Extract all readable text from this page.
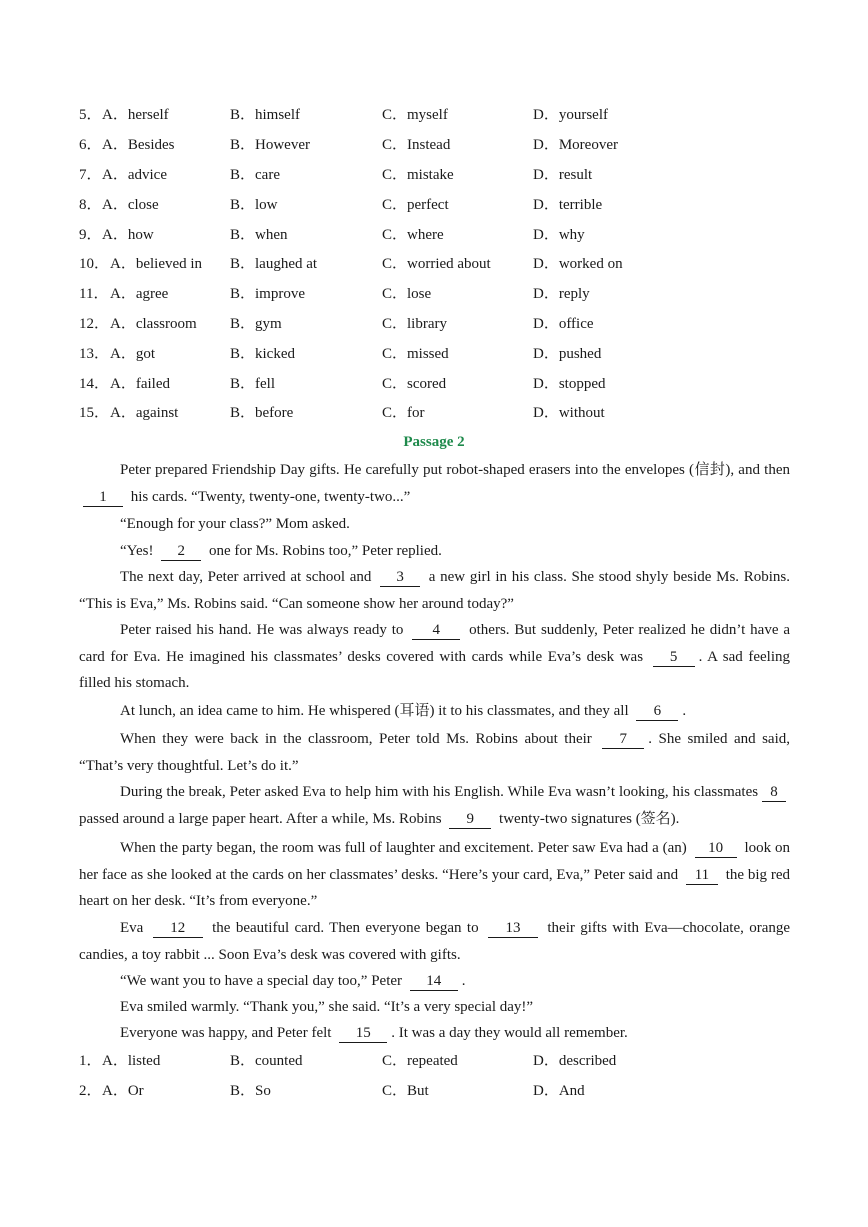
5． A．herself	B．himself	C．myself	D．yourself
6． A．Besides	B．However	C．Instead	D．Moreover
7． A．advice	B．care	C．mistake	D．result
8． A．close	B．low	C．perfect	D．terrible
9． A．how	B．when	C．where	D．why
10． A．believed in B．laughed at	C．worried about	D．worked on
11． A．agree	B．improve	C．lose	D．reply
12． A．classroom B．gym	C．library	D．office
13． A．got	B．kicked	C．missed	D．pushed
14． A．failed	B．fell	C．scored	D．stopped
15． A．against	B．before	C．for	D．without
Passage 2
Peter prepared Friendship Day gifts. He carefully put robot-shaped erasers into the envelopes (信封), and then 1 his cards. “Twenty, twenty-one, twenty-two...”
“Enough for your class?” Mom asked.
“Yes! 2 one for Ms. Robins too,” Peter replied.
The next day, Peter arrived at school and 3 a new girl in his class. She stood shyly beside Ms. Robins. “This is Eva,” Ms. Robins said. “Can someone show her around today?”
Peter raised his hand. He was always ready to 4 others. But suddenly, Peter realized he didn’t have a card for Eva. He imagined his classmates’ desks covered with cards while Eva’s desk was 5 . A sad feeling filled his stomach.
At lunch, an idea came to him. He whispered (耳语) it to his classmates, and they all 6 .
When they were back in the classroom, Peter told Ms. Robins about their 7 . She smiled and said, “That’s very thoughtful. Let’s do it.”
During the break, Peter asked Eva to help him with his English. While Eva wasn’t looking, his classmates 8 passed around a large paper heart. After a while, Ms. Robins 9 twenty-two signatures (签名).
When the party began, the room was full of laughter and excitement. Peter saw Eva had a (an) 10 look on her face as she looked at the cards on her classmates’ desks. “Here’s your card, Eva,” Peter said and 11 the big red heart on her desk. “It’s from everyone.”
Eva 12 the beautiful card. Then everyone began to 13 their gifts with Eva—chocolate, orange candies, a toy rabbit ... Soon Eva’s desk was covered with gifts.
“We want you to have a special day too,” Peter 14 .
Eva smiled warmly. “Thank you,” she said. “It’s a very special day!”
Everyone was happy, and Peter felt 15 . It was a day they would all remember.
1． A．listed	B．counted	C．repeated	D．described
2． A．Or	B．So	C．But	D．And
